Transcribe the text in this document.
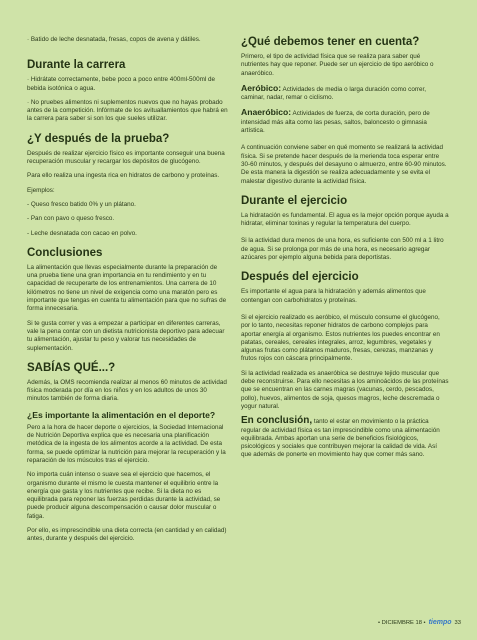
· Batido de leche desnatada, fresas, copos de avena y dátiles.

Durante la carrera

· Hidrátate correctamente, bebe poco a poco entre 400ml-500ml de bebida isotónica o agua.

· No pruebes alimentos ni suplementos nuevos que no hayas probado antes de la competición. Infórmate de los avituallamientos que habrá en la carrera para saber si son los que sueles utilizar.

¿Y después de la prueba?

Después de realizar ejercicio físico es importante conseguir una buena recuperación muscular y recargar los depósitos de glucógeno.

Para ello realiza una ingesta rica en hidratos de carbono y proteínas.

Ejemplos:

- Queso fresco batido 0% y un plátano.

- Pan con pavo o queso fresco.

- Leche desnatada con cacao en polvo.

Conclusiones

La alimentación que llevas especialmente durante la preparación de una prueba tiene una gran importancia en tu rendimiento y en tu capacidad de recuperarte de los entrenamientos. Una carrera de 10 kilómetros no tiene un nivel de exigencia como una maratón pero es importante que tengas en cuenta tu alimentación para que no sufras de forma innecesaria.

Si te gusta correr y vas a empezar a participar en diferentes carreras, vale la pena contar con un dietista nutricionista deportivo para adecuar tu alimentación, ajustar tu peso y valorar tus necesidades de suplementación.

SABÍAS QUÉ...?

Además, la OMS recomienda realizar al menos 60 minutos de actividad física moderada por día en los niños y en los adultos de unos 30 minutos también de forma diaria.

¿Es importante la alimentación en el deporte?

Pero a la hora de hacer deporte o ejercicios, la Sociedad Internacional de Nutrición Deportiva explica que es necesaria una planificación metódica de la ingesta de los alimentos acorde a la actividad. De esta forma, se puede optimizar la nutrición para mejorar la recuperación y la reparación de los músculos tras el ejercicio.

No importa cuán intenso o suave sea el ejercicio que hacemos, el organismo durante el mismo le cuesta mantener el equilibrio entre la energía que gasta y los nutrientes que recibe. Si la dieta no es equilibrada para reponer las fuerzas perdidas durante la actividad, se puede producir alguna descompensación o causar dolor muscular o fatiga.

Por ello, es imprescindible una dieta correcta (en cantidad y en calidad) antes, durante y después del ejercicio.

¿Qué debemos tener en cuenta?

Primero, el tipo de actividad física que se realiza para saber qué nutrientes hay que reponer. Puede ser un ejercicio de tipo aeróbico o anaeróbico.

Aeróbico: Actividades de media o larga duración como correr, caminar, nadar, remar o ciclismo.

Anaeróbico: Actividades de fuerza, de corta duración, pero de intensidad más alta como las pesas, saltos, baloncesto o gimnasia artística.

A continuación conviene saber en qué momento se realizará la actividad física. Si se pretende hacer después de la merienda toca esperar entre 30-60 minutos, y después del desayuno o almuerzo, entre 60-90 minutos. De esta manera la digestión se realiza adecuadamente y se evita el malestar digestivo durante la actividad física.

Durante el ejercicio

La hidratación es fundamental. El agua es la mejor opción porque ayuda a hidratar, eliminar toxinas y regular la temperatura del cuerpo.

Si la actividad dura menos de una hora, es suficiente con 500 ml a 1 litro de agua. Si se prolonga por más de una hora, es necesario agregar azúcares por ejemplo alguna bebida para deportistas.

Después del ejercicio

Es importante el agua para la hidratación y además alimentos que contengan con carbohidratos y proteínas.

Si el ejercicio realizado es aeróbico, el músculo consume el glucógeno, por lo tanto, necesitas reponer hidratos de carbono complejos para aportar energía al organismo. Estos nutrientes los puedes encontrar en patatas, cereales, cereales integrales, arroz, legumbres, vegetales y algunas frutas como plátanos maduros, fresas, cerezas, manzanas y frutos rojos con cáscara principalmente.

Si la actividad realizada es anaeróbica se destruye tejido muscular que debe reconstruirse. Para ello necesitas a los aminoácidos de las proteínas que se encuentran en las carnes magras (vacunas, cerdo, pescados, pollo), huevos, alimentos de soja, quesos magros, leche descremada o yogur natural.

En conclusión, tanto el estar en movimiento o la práctica regular de actividad física es tan imprescindible como una alimentación equilibrada. Ambas aportan una serie de beneficios fisiológicos, psicológicos y sociales que contribuyen mejorar la calidad de vida. Así que además de ponerte en movimiento hay que comer más sano.

• DICIEMBRE 18 • tiempo 33
